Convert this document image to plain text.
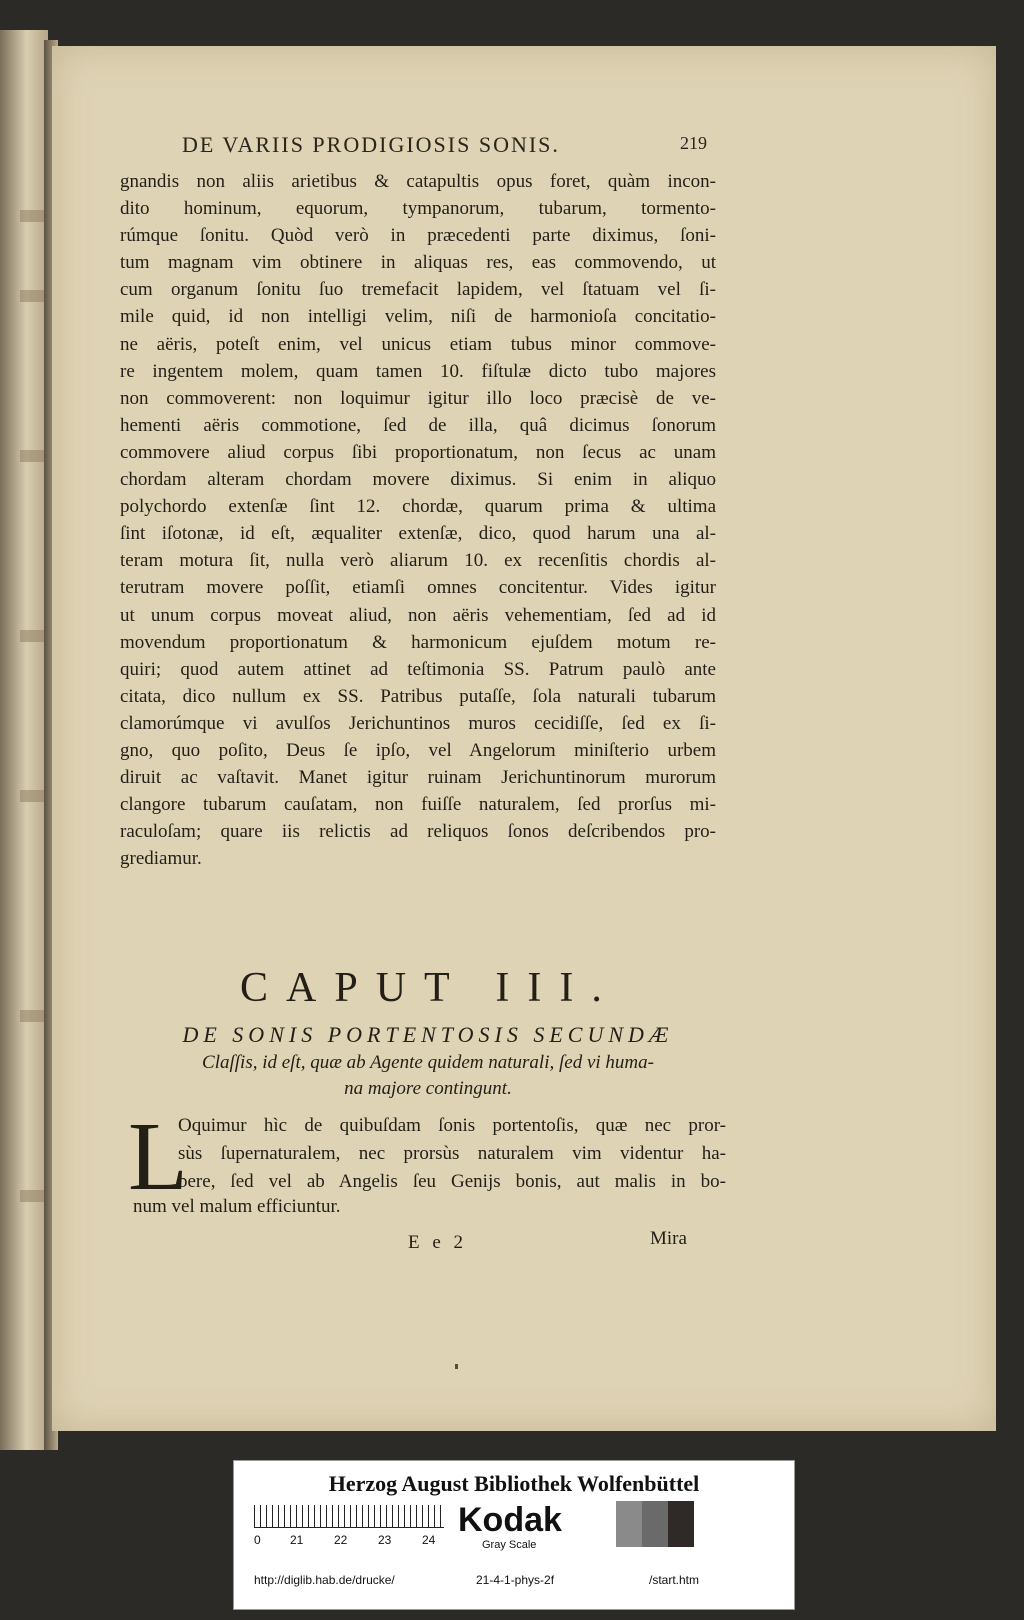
DE VARIIS PRODIGIOSIS SONIS.	219
gnandis non aliis arietibus & catapultis opus foret, quàm incon-
dito hominum, equorum, tympanorum, tubarum, tormento-
rúmque ſonitu. Quòd verò in præcedenti parte diximus, ſoni-
tum magnam vim obtinere in aliquas res, eas commovendo, ut
cum organum ſonitu ſuo tremefacit lapidem, vel ſtatuam vel ſi-
mile quid, id non intelligi velim, niſi de harmonioſa concitatio-
ne aëris, poteſt enim, vel unicus etiam tubus minor commove-
re ingentem molem, quam tamen 10. fiſtulæ dicto tubo majores
non commoverent: non loquimur igitur illo loco præcisè de ve-
hementi aëris commotione, ſed de illa, quâ dicimus ſonorum
commovere aliud corpus ſibi proportionatum, non ſecus ac unam
chordam alteram chordam movere diximus. Si enim in aliquo
polychordo extenſæ ſint 12. chordæ, quarum prima & ultima
ſint iſotonæ, id eſt, æqualiter extenſæ, dico, quod harum una al-
teram motura ſit, nulla verò aliarum 10. ex recenſitis chordis al-
terutram movere poſſit, etiamſi omnes concitentur. Vides igitur
ut unum corpus moveat aliud, non aëris vehementiam, ſed ad id
movendum proportionatum & harmonicum ejuſdem motum re-
quiri; quod autem attinet ad teſtimonia SS. Patrum paulò ante
citata, dico nullum ex SS. Patribus putaſſe, ſola naturali tubarum
clamorúmque vi avulſos Jerichuntinos muros cecidiſſe, ſed ex ſi-
gno, quo poſito, Deus ſe ipſo, vel Angelorum miniſterio urbem
diruit ac vaſtavit. Manet igitur ruinam Jerichuntinorum murorum
clangore tubarum cauſatam, non fuiſſe naturalem, ſed prorſus mi-
raculoſam; quare iis relictis ad reliquos ſonos deſcribendos pro-
grediamur.
CAPUT III.
DE SONIS PORTENTOSIS SECUNDÆ
Claſſis, id eſt, quæ ab Agente quidem naturali, ſed vi huma-
na majore contingunt.
L
Oquimur hìc de quibuſdam ſonis portentoſis, quæ nec pror-
sùs ſupernaturalem, nec prorsùs naturalem vim videntur ha-
bere, ſed vel ab Angelis ſeu Genijs bonis, aut malis in bo-
num vel malum efficiuntur.
E e 2	Mira
Herzog August Bibliothek Wolfenbüttel
0 21	22	23	24
Kodak
Gray Scale
http://diglib.hab.de/drucke/	21-4-1-phys-2f	/start.htm
